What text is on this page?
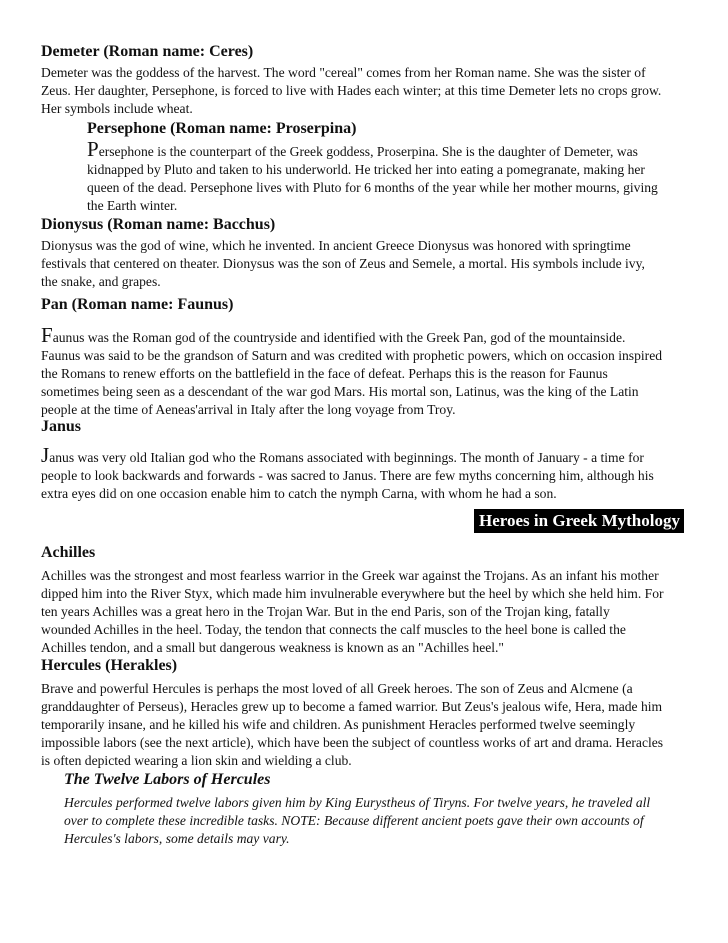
Demeter (Roman name: Ceres)
Demeter was the goddess of the harvest. The word "cereal" comes from her Roman name. She was the sister of
Zeus. Her daughter, Persephone, is forced to live with Hades each winter; at this time Demeter lets no crops grow.
Her symbols include wheat.
Persephone (Roman name: Proserpina)
Persephone is the counterpart of the Greek goddess, Proserpina. She is the daughter of Demeter, was
kidnapped by Pluto and taken to his underworld. He tricked her into eating a pomegranate, making her
queen of the dead. Persephone lives with Pluto for 6 months of the year while her mother mourns, giving
the Earth winter.
Dionysus (Roman name: Bacchus)
Dionysus was the god of wine, which he invented. In ancient Greece Dionysus was honored with springtime
festivals that centered on theater. Dionysus was the son of Zeus and Semele, a mortal. His symbols include ivy,
the snake, and grapes.
Pan (Roman name: Faunus)
Faunus was the Roman god of the countryside and identified with the Greek Pan, god of the mountainside.
Faunus was said to be the grandson of Saturn and was credited with prophetic powers, which on occasion inspired
the Romans to renew efforts on the battlefield in the face of defeat. Perhaps this is the reason for Faunus
sometimes being seen as a descendant of the war god Mars. His mortal son, Latinus, was the king of the Latin
people at the time of Aeneas'arrival in Italy after the long voyage from Troy.
Janus
Janus was very old Italian god who the Romans associated with beginnings. The month of January - a time for
people to look backwards and forwards - was sacred to Janus. There are few myths concerning him, although his
extra eyes did on one occasion enable him to catch the nymph Carna, with whom he had a son.
Heroes in Greek Mythology
Achilles
Achilles was the strongest and most fearless warrior in the Greek war against the Trojans. As an infant his mother
dipped him into the River Styx, which made him invulnerable everywhere but the heel by which she held him. For
ten years Achilles was a great hero in the Trojan War. But in the end Paris, son of the Trojan king, fatally
wounded Achilles in the heel. Today, the tendon that connects the calf muscles to the heel bone is called the
Achilles tendon, and a small but dangerous weakness is known as an "Achilles heel."
Hercules (Herakles)
Brave and powerful Hercules is perhaps the most loved of all Greek heroes. The son of Zeus and Alcmene (a
granddaughter of Perseus), Heracles grew up to become a famed warrior. But Zeus's jealous wife, Hera, made him
temporarily insane, and he killed his wife and children. As punishment Heracles performed twelve seemingly
impossible labors (see the next article), which have been the subject of countless works of art and drama. Heracles
is often depicted wearing a lion skin and wielding a club.
The Twelve Labors of Hercules
Hercules performed twelve labors given him by King Eurystheus of Tiryns. For twelve years, he traveled all
over to complete these incredible tasks. NOTE: Because different ancient poets gave their own accounts of
Hercules's labors, some details may vary.
